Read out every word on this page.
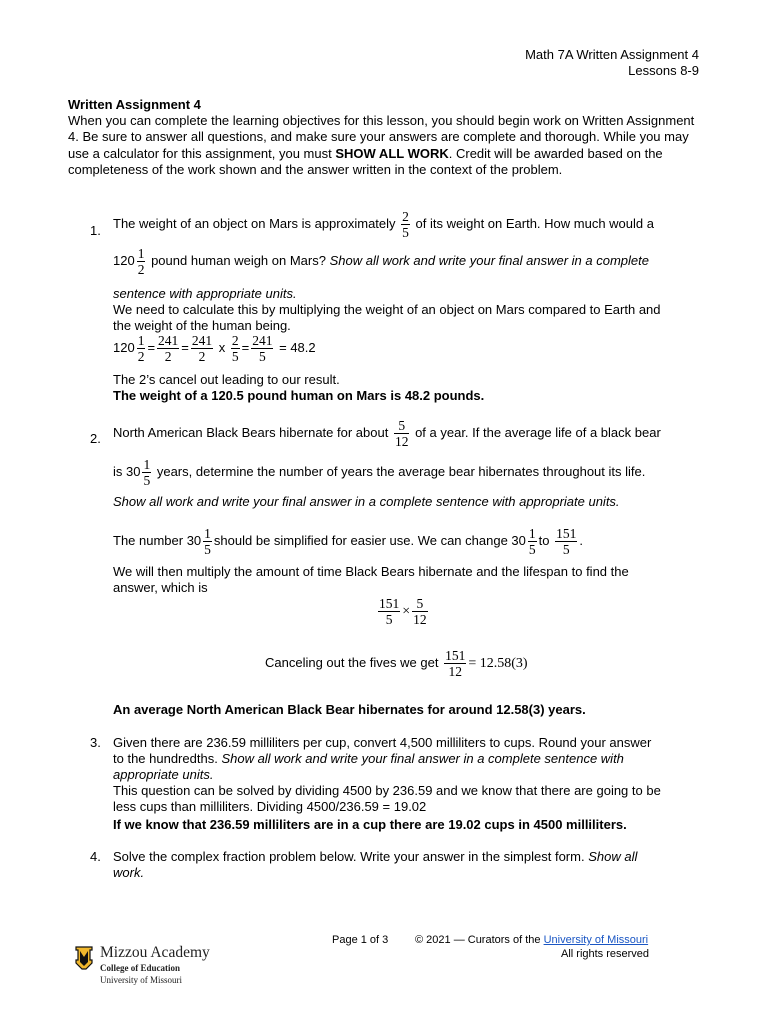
Math 7A Written Assignment 4
Lessons 8-9
Written Assignment 4
When you can complete the learning objectives for this lesson, you should begin work on Written Assignment 4. Be sure to answer all questions, and make sure your answers are complete and thorough. While you may use a calculator for this assignment, you must SHOW ALL WORK. Credit will be awarded based on the completeness of the work shown and the answer written in the context of the problem.
1. The weight of an object on Mars is approximately $\frac{2}{5}$ of its weight on Earth. How much would a
$120 \frac{1}{2}$ pound human weigh on Mars? Show all work and write your final answer in a complete
sentence with appropriate units.
We need to calculate this by multiplying the weight of an object on Mars compared to Earth and
the weight of the human being.
$120 \frac{1}{2} = \frac{241}{2} = \frac{241}{2}$ x $\frac{2}{5} = \frac{241}{5} = 48.2$
The 2’s cancel out leading to our result.
The weight of a 120.5 pound human on Mars is 48.2 pounds.
2. North American Black Bears hibernate for about $\frac{5}{12}$ of a year. If the average life of a black bear
is $30 \frac{1}{5}$ years, determine the number of years the average bear hibernates throughout its life.
Show all work and write your final answer in a complete sentence with appropriate units.
The number $30 \frac{1}{5}$ should be simplified for easier use. We can change $30 \frac{1}{5}$ to $\frac{151}{5}$ .
We will then multiply the amount of time Black Bears hibernate and the lifespan to find the
answer, which is
$\frac{151}{5} \times \frac{5}{12}$
Canceling out the fives we get $\frac{151}{12} = 12.58(3)$
An average North American Black Bear hibernates for around 12.58(3) years.
3. Given there are 236.59 milliliters per cup, convert 4,500 milliliters to cups. Round your answer
to the hundredths. Show all work and write your final answer in a complete sentence with
appropriate units.
This question can be solved by dividing 4500 by 236.59 and we know that there are going to be
less cups than milliliters. Dividing 4500/236.59 = 19.02
If we know that 236.59 milliliters are in a cup there are 19.02 cups in 4500 milliliters.
4. Solve the complex fraction problem below. Write your answer in the simplest form. Show all
work.
Page 1 of 3 © 2021 — Curators of the University of Missouri
All rights reserved
Mizzou Academy
College of Education
University of Missouri
